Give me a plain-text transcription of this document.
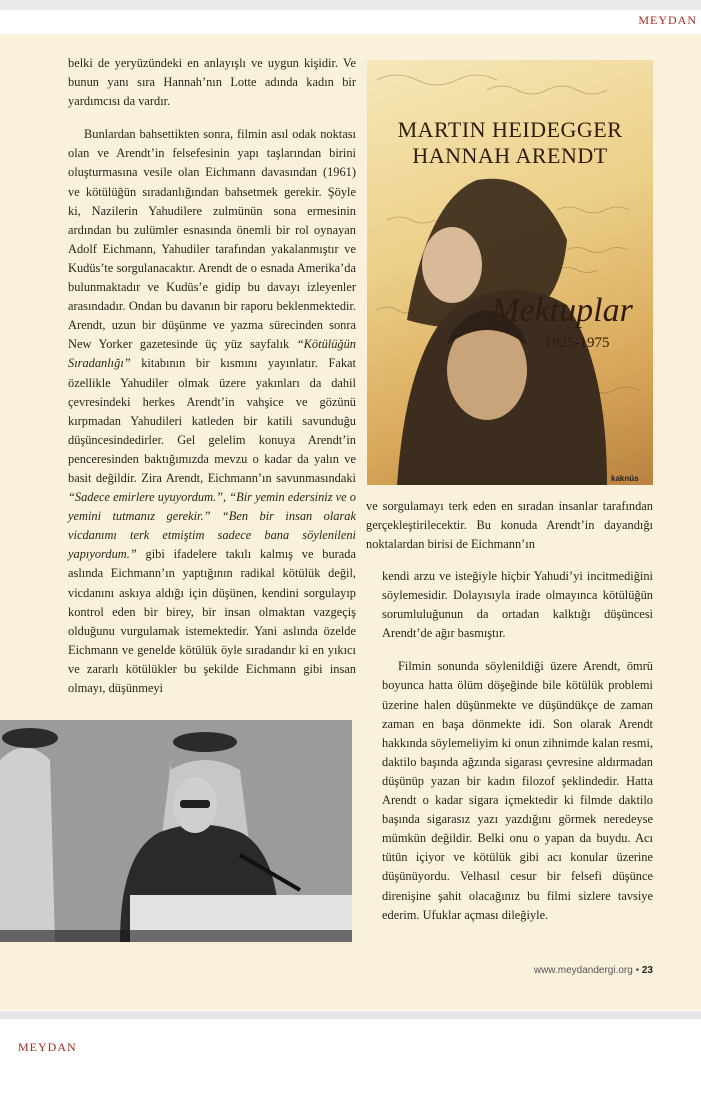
MEYDAN

belki de yeryüzündeki en anlayışlı ve uygun kişidir. Ve bunun yanı sıra Hannah’nın Lotte adında kadın bir yardımcısı da vardır.

Bunlardan bahsettikten sonra, filmin asıl odak noktası olan ve Arendt’in felsefesinin yapı taşlarından birini oluşturmasına vesile olan Eichmann davasından (1961) ve kötülüğün sıradanlığından bahsetmek gerekir. Şöyle ki, Nazilerin Yahudilere zulmünün sona ermesinin ardından bu zulümler esnasında önemli bir rol oynayan Adolf Eichmann, Yahudiler tarafından yakalanmıştır ve Kudüs’te sorgulanacaktır. Arendt de o esnada Amerika’da bulunmaktadır ve Kudüs’e gidip bu davayı izleyenler arasındadır. Ondan bu davanın bir raporu beklenmektedir. Arendt, uzun bir düşünme ve yazma sürecinden sonra New Yorker gazetesinde üç yüz sayfalık “Kötülüğün Sıradanlığı” kitabının bir kısmını yayınlatır. Fakat özellikle Yahudiler olmak üzere yakınları da dahil çevresindeki herkes Arendt’in vahşice ve gözünü kırpmadan Yahudileri katleden bir katili savunduğu düşüncesindedirler. Gel gelelim konuya Arendt’in penceresinden baktığımızda mevzu o kadar da yalın ve basit değildir. Zira Arendt, Eichmann’ın savunmasındaki “Sadece emirlere uyuyordum.”, “Bir yemin edersiniz ve o yemini tutmanız gerekir.” “Ben bir insan olarak vicdanımı terk etmiştim sadece bana söylenileni yapıyordum.” gibi ifadelere takılı kalmış ve burada aslında Eichmann’ın yaptığının radikal kötülük değil, vicdanını askıya aldığı için düşünen, kendini sorgulayıp kontrol eden bir birey, bir insan olmaktan vazgeçiş olduğunu vurgulamak istemektedir. Yani aslında özelde Eichmann ve genelde kötülük öyle sıradandır ki en yıkıcı ve zararlı kötülükler bu şekilde Eichmann gibi insan olmayı, düşünmeyi

MARTIN HEIDEGGER
HANNAH ARENDT
Mektuplar
1925-1975
kaknüs

ve sorgulamayı terk eden en sıradan insanlar tarafından gerçekleştirilecektir. Bu konuda Arendt’in dayandığı noktalardan birisi de Eichmann’ın

kendi arzu ve isteğiyle hiçbir Yahudi’yi incitmediğini söylemesidir. Dolayısıyla irade olmayınca kötülüğün sorumluluğunun da ortadan kalktığı düşüncesi Arendt’de ağır basmıştır.

Filmin sonunda söylenildiği üzere Arendt, ömrü boyunca hatta ölüm döşeğinde bile kötülük problemi üzerine halen düşünmekte ve düşündükçe de zaman zaman en başa dönmekte idi. Son olarak Arendt hakkında söylemeliyim ki onun zihnimde kalan resmi, daktilo başında ağzında sigarası çevresine aldırmadan düşünüp yazan bir kadın filozof şeklindedir. Hatta Arendt o kadar sigara içmektedir ki filmde daktilo başında sigarasız yazı yazdığını görmek neredeyse mümkün değildir. Belki onu o yapan da buydu. Acı tütün içiyor ve kötülük gibi acı konular üzerine düşünüyordu. Velhasıl cesur bir felsefi düşünce direnişine şahit olacağınız bu filmi sizlere tavsiye ederim. Ufuklar açması dileğiyle.

www.meydandergi.org • 23
MEYDAN
